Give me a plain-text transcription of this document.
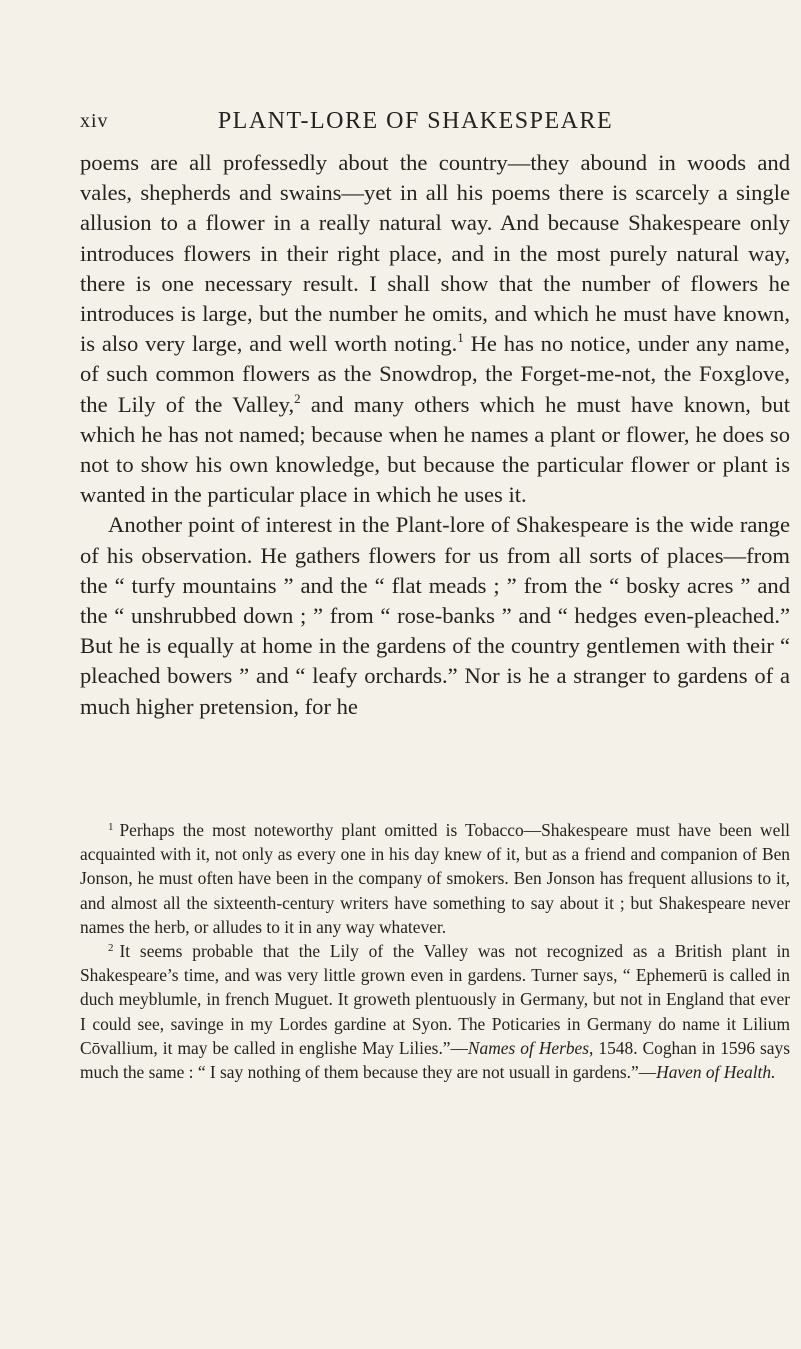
xiv	PLANT-LORE OF SHAKESPEARE

poems are all professedly about the country—they abound in woods and vales, shepherds and swains—yet in all his poems there is scarcely a single allusion to a flower in a really natural way. And because Shakespeare only introduces flowers in their right place, and in the most purely natural way, there is one necessary result. I shall show that the number of flowers he introduces is large, but the number he omits, and which he must have known, is also very large, and well worth noting.$^1$ He has no notice, under any name, of such common flowers as the Snowdrop, the Forget-me-not, the Foxglove, the Lily of the Valley,$^2$ and many others which he must have known, but which he has not named; because when he names a plant or flower, he does so not to show his own knowledge, but because the particular flower or plant is wanted in the particular place in which he uses it.

Another point of interest in the Plant-lore of Shakespeare is the wide range of his observation. He gathers flowers for us from all sorts of places—from the “ turfy mountains ” and the “ flat meads ; ” from the “ bosky acres ” and the “ unshrubbed down ; ” from “ rose-banks ” and “ hedges even-pleached.” But he is equally at home in the gardens of the country gentlemen with their “ pleached bowers ” and “ leafy orchards.” Nor is he a stranger to gardens of a much higher pretension, for he

$^1$ Perhaps the most noteworthy plant omitted is Tobacco—Shakespeare must have been well acquainted with it, not only as every one in his day knew of it, but as a friend and companion of Ben Jonson, he must often have been in the company of smokers. Ben Jonson has frequent allusions to it, and almost all the sixteenth-century writers have something to say about it ; but Shakespeare never names the herb, or alludes to it in any way whatever.

$^2$ It seems probable that the Lily of the Valley was not recognized as a British plant in Shakespeare’s time, and was very little grown even in gardens. Turner says, “ Ephemerū is called in duch meyblumle, in french Muguet. It groweth plentuously in Germany, but not in England that ever I could see, savinge in my Lordes gardine at Syon. The Poticaries in Germany do name it Lilium Cōvallium, it may be called in englishe May Lilies.”—Names of Herbes, 1548. Coghan in 1596 says much the same : “ I say nothing of them because they are not usuall in gardens.”—Haven of Health.
